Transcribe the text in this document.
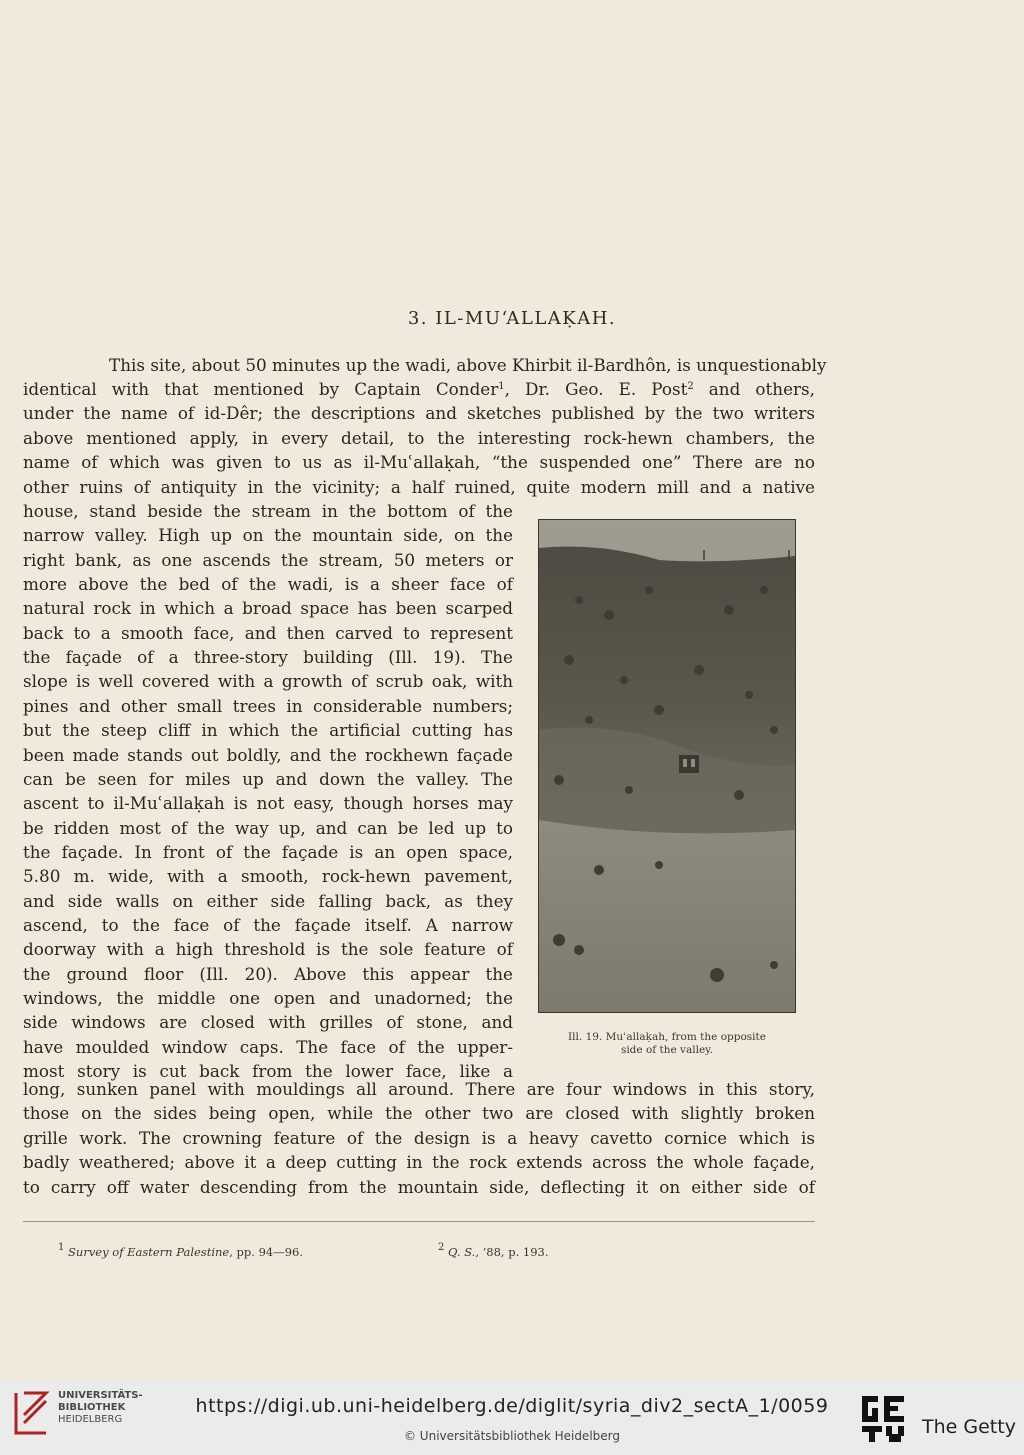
3. IL-MU‘ALLAḲAH.
This site, about 50 minutes up the wadi, above Khirbit il-Bardhôn, is unquestionably
identical with that mentioned by Captain Conder$^1$, Dr. Geo. E. Post$^2$ and others,
under the name of id-Dêr; the descriptions and sketches published by the two writers
above mentioned apply, in every detail, to the interesting rock-hewn chambers, the
name of which was given to us as il-Muʿallaḳah, “the suspended one” There are no
other ruins of antiquity in the vicinity; a half ruined, quite modern mill and a native
house, stand beside the stream in the bottom of the
narrow valley. High up on the mountain side, on the
right bank, as one ascends the stream, 50 meters or
more above the bed of the wadi, is a sheer face of
natural rock in which a broad space has been scarped
back to a smooth face, and then carved to represent
the façade of a three-story building (Ill. 19). The
slope is well covered with a growth of scrub oak, with
pines and other small trees in considerable numbers;
but the steep cliff in which the artificial cutting has
been made stands out boldly, and the rockhewn façade
can be seen for miles up and down the valley. The
ascent to il-Muʿallaḳah is not easy, though horses may
be ridden most of the way up, and can be led up to
the façade. In front of the façade is an open space,
5.80 m. wide, with a smooth, rock-hewn pavement,
and side walls on either side falling back, as they
ascend, to the face of the façade itself. A narrow
doorway with a high threshold is the sole feature of
the ground floor (Ill. 20). Above this appear the
windows, the middle one open and unadorned; the
side windows are closed with grilles of stone, and
have moulded window caps. The face of the upper-
most story is cut back from the lower face, like a
Ill. 19. Muʿallaḳah, from the opposite
side of the valley.
long, sunken panel with mouldings all around. There are four windows in this story,
those on the sides being open, while the other two are closed with slightly broken
grille work. The crowning feature of the design is a heavy cavetto cornice which is
badly weathered; above it a deep cutting in the rock extends across the whole façade,
to carry off water descending from the mountain side, deflecting it on either side of
$^1$ Survey of Eastern Palestine, pp. 94—96.	$^2$ Q. S., ’88, p. 193.
UNIVERSITÄTS-
BIBLIOTHEK
HEIDELBERG
https://digi.ub.uni-heidelberg.de/diglit/syria_div2_sectA_1/0059
© Universitätsbibliothek Heidelberg	The Getty
